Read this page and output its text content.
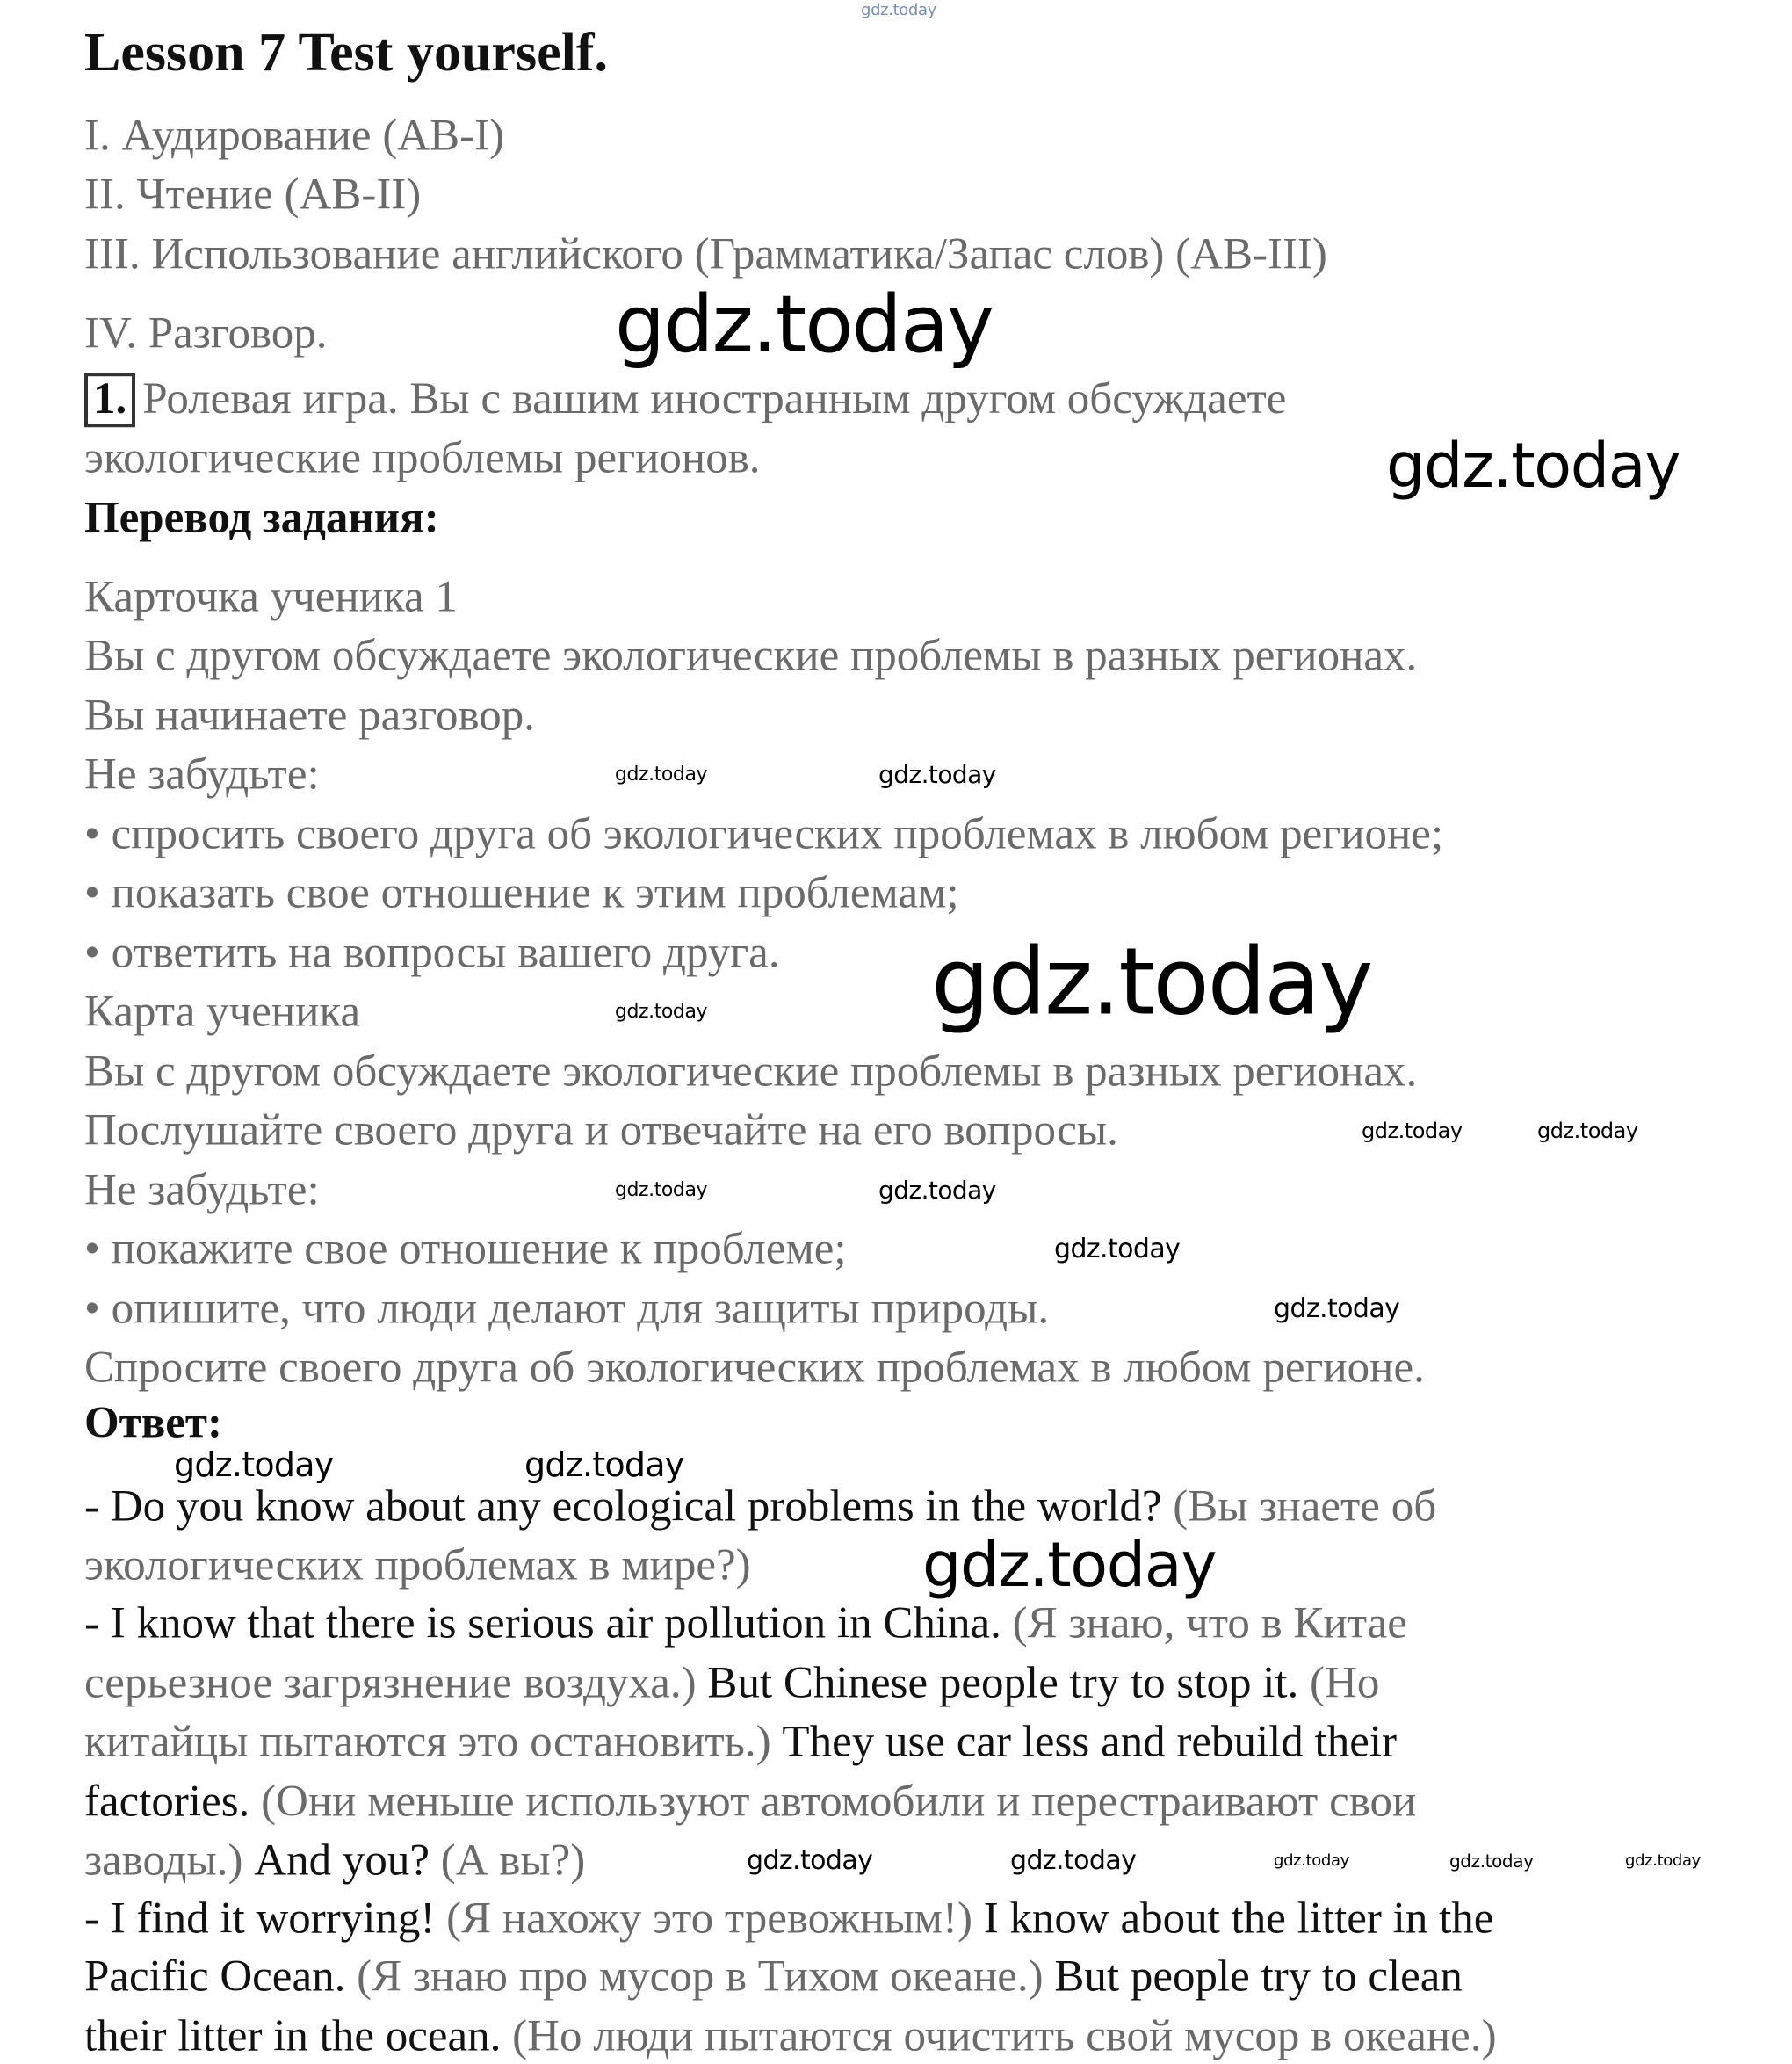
Lesson 7 Test yourself.
I. Аудирование (AB-I)
II. Чтение (AB-II)
III. Использование английского (Грамматика/Запас слов) (AB-III)
IV. Разговор.
1. Ролевая игра. Вы с вашим иностранным другом обсуждаете
экологические проблемы регионов.
Перевод задания:
Карточка ученика 1
Вы с другом обсуждаете экологические проблемы в разных регионах.
Вы начинаете разговор.
Не забудьте:
• спросить своего друга об экологических проблемах в любом регионе;
• показать свое отношение к этим проблемам;
• ответить на вопросы вашего друга.
Карта ученика
Вы с другом обсуждаете экологические проблемы в разных регионах.
Послушайте своего друга и отвечайте на его вопросы.
Не забудьте:
• покажите свое отношение к проблеме;
• опишите, что люди делают для защиты природы.
Спросите своего друга об экологических проблемах в любом регионе.
Ответ:
- Do you know about any ecological problems in the world? (Вы знаете об
экологических проблемах в мире?)
- I know that there is serious air pollution in China. (Я знаю, что в Китае
серьезное загрязнение воздуха.) But Chinese people try to stop it. (Но
китайцы пытаются это остановить.) They use car less and rebuild their
factories. (Они меньше используют автомобили и перестраивают свои
заводы.) And you? (А вы?)
- I find it worrying! (Я нахожу это тревожным!) I know about the litter in the
Pacific Ocean. (Я знаю про мусор в Тихом океане.) But people try to clean
their litter in the ocean. (Но люди пытаются очистить свой мусор в океане.)
gdz.today
gdz.today
gdz.today
gdz.today
gdz.today	gdz.today
gdz.today
gdz.today	gdz.today
gdz.today	gdz.today
gdz.today
gdz.today	gdz.today	gdz.today	gdz.today	gdz.today
gdz.today
gdz.today
gdz.today	gdz.today
